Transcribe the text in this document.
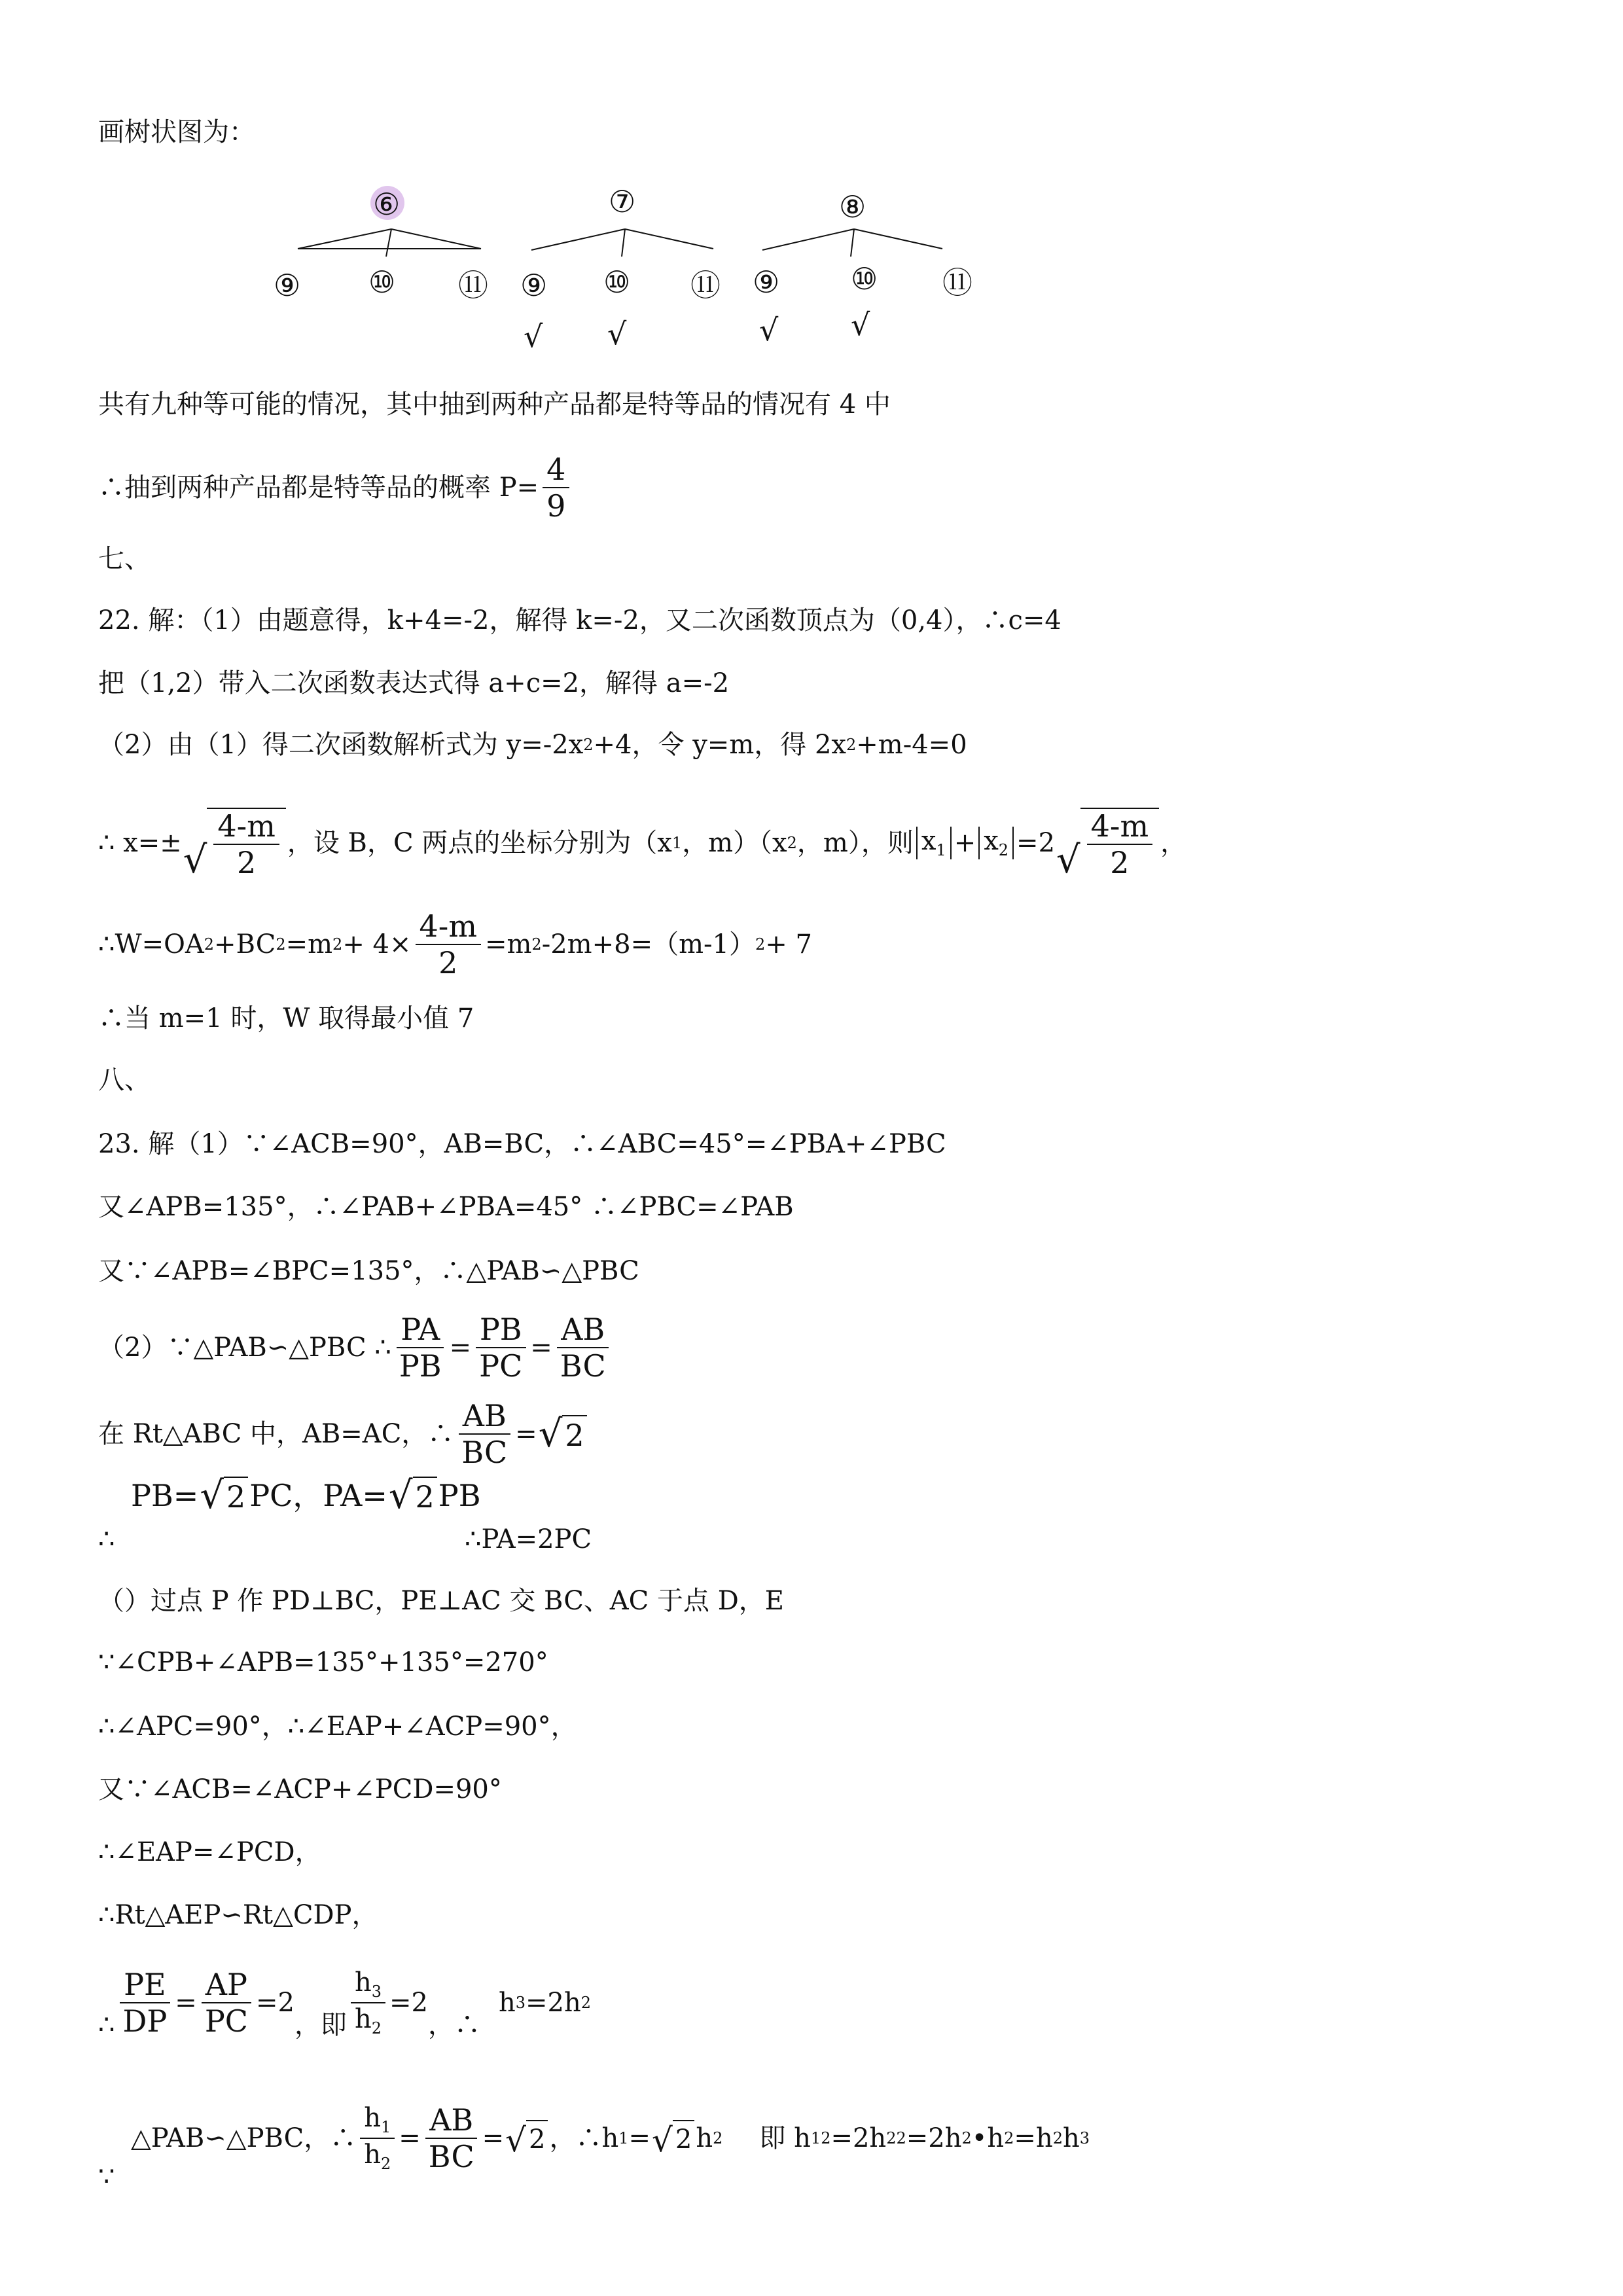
画树状图为：
⑥	⑦	⑧
⑨ ⑩ ⑪ ⑨ ⑩ ⑪ ⑨ ⑩ ⑪
√ √	√ √
共有九种等可能的情况，其中抽到两种产品都是特等品的情况有 4 中
∴抽到两种产品都是特等品的概率 $P= \frac{4}{9}$
七、
22. 解：（1）由题意得，k+4=-2，解得 k=-2，又二次函数顶点为（0,4），∴c=4
把（1,2）带入二次函数表达式得 a+c=2，解得 a=-2
（2）由（1）得二次函数解析式为 y=-2x 2 +4，令 y=m，得 2x 2 +m-4=0
∴ x=± √ $\frac{4-m}{2}$ ，设 B，C 两点的坐标分别为（x 1 ，m）（x 2 ，m），则 $x_1 + x_2 =2$ √ $\frac{4-m}{2}$ ，
∴W=OA 2 +BC 2 =m $2 + 4\times \frac{4-m}{2} =m$ 2 -2m+8=（m-1） 2 + 7
∴当 m=1 时，W 取得最小值 7
八、
23. 解（1）∵∠ACB=90°，AB=BC，∴∠ABC=45°=∠PBA+∠PBC
又∠APB=135°，∴∠PAB+∠PBA=45° ∴∠PBC=∠PAB
又∵∠APB=∠BPC=135°，∴△PAB∽△PBC
（2）∵△PAB∽△PBC ∴ $\frac{PA}{PB} = \frac{PB}{PC} = \frac{AB}{BC}$
在 Rt△ABC 中，AB=AC，∴ $\frac{AB}{BC}$ = √ 2
PB= √ 2 PC，PA= √ 2 PB
∴	∴PA=2PC
（）过点 P 作 PD⊥BC，PE⊥AC 交 BC、AC 于点 D，E
∵∠CPB+∠APB=135°+135°=270°
∴∠APC=90°，∴∠EAP+∠ACP=90°，
又∵∠ACB=∠ACP+∠PCD=90°
∴∠EAP=∠PCD，
∴Rt△AEP∽Rt△CDP，
∴ $\frac{PE}{DP} = \frac{AP}{PC} =2$
，即 $\frac{h_3}{h_2} =2$
，∴
h 3 =2h 2
△PAB∽△PBC，∴ $\frac{h_1}{h_2} = \frac{AB}{BC}$ = √ 2 ，∴h 1 = √ 2 h 2 即 h 1 2 =2h 2 2 =2h 2 • h 2 =h 2 h 3
∵
